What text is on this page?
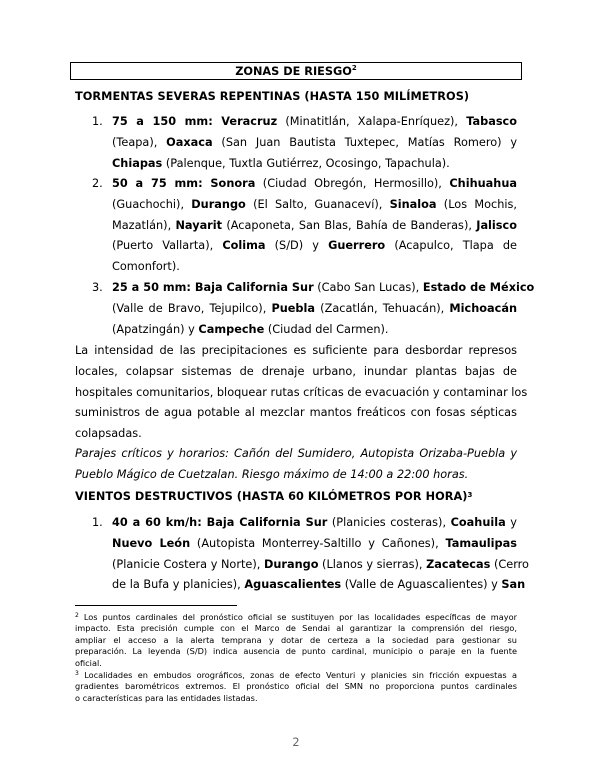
ZONAS DE RIESGO$^2$
TORMENTAS SEVERAS REPENTINAS (HASTA 150 MILÍMETROS)
1. 75 a 150 mm: Veracruz (Minatitlán, Xalapa-Enríquez), Tabasco
(Teapa), Oaxaca (San Juan Bautista Tuxtepec, Matías Romero) y
Chiapas (Palenque, Tuxtla Gutiérrez, Ocosingo, Tapachula).
2. 50 a 75 mm: Sonora (Ciudad Obregón, Hermosillo), Chihuahua
(Guachochi), Durango (El Salto, Guanaceví), Sinaloa (Los Mochis,
Mazatlán), Nayarit (Acaponeta, San Blas, Bahía de Banderas), Jalisco
(Puerto Vallarta), Colima (S/D) y Guerrero (Acapulco, Tlapa de
Comonfort).
3. 25 a 50 mm: Baja California Sur (Cabo San Lucas), Estado de México
(Valle de Bravo, Tejupilco), Puebla (Zacatlán, Tehuacán), Michoacán
(Apatzingán) y Campeche (Ciudad del Carmen).
La intensidad de las precipitaciones es suficiente para desbordar represos
locales, colapsar sistemas de drenaje urbano, inundar plantas bajas de
hospitales comunitarios, bloquear rutas críticas de evacuación y contaminar los
suministros de agua potable al mezclar mantos freáticos con fosas sépticas
colapsadas.
Parajes críticos y horarios: Cañón del Sumidero, Autopista Orizaba-Puebla y
Pueblo Mágico de Cuetzalan. Riesgo máximo de 14:00 a 22:00 horas.
VIENTOS DESTRUCTIVOS (HASTA 60 KILÓMETROS POR HORA)$^3$
1. 40 a 60 km/h: Baja California Sur (Planicies costeras), Coahuila y
Nuevo León (Autopista Monterrey-Saltillo y Cañones), Tamaulipas
(Planicie Costera y Norte), Durango (Llanos y sierras), Zacatecas (Cerro
de la Bufa y planicies), Aguascalientes (Valle de Aguascalientes) y San
$^2$ Los puntos cardinales del pronóstico oficial se sustituyen por las localidades específicas de mayor
impacto. Esta precisión cumple con el Marco de Sendai al garantizar la comprensión del riesgo,
ampliar el acceso a la alerta temprana y dotar de certeza a la sociedad para gestionar su
preparación. La leyenda (S/D) indica ausencia de punto cardinal, municipio o paraje en la fuente
oficial.
$^3$ Localidades en embudos orográficos, zonas de efecto Venturi y planicies sin fricción expuestas a
gradientes barométricos extremos. El pronóstico oficial del SMN no proporciona puntos cardinales
o características para las entidades listadas.
2
